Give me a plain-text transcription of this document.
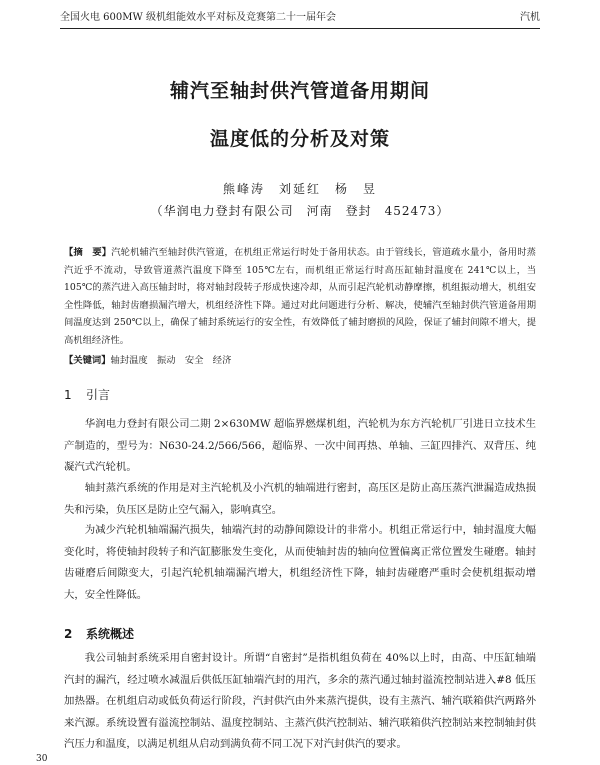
全国火电 600MW 级机组能效水平对标及竞赛第二十一届年会	汽机
辅汽至轴封供汽管道备用期间
温度低的分析及对策
熊峰涛　刘延红　杨　昱
（华润电力登封有限公司　河南　登封　452473）
【摘　要】汽轮机辅汽至轴封供汽管道，在机组正常运行时处于备用状态。由于管线长，管道疏水量小，备用时蒸汽近乎不流动，导致管道蒸汽温度下降至 105℃左右，而机组正常运行时高压缸轴封温度在 241℃以上，当 105℃的蒸汽进入高压轴封时，将对轴封段转子形成快速冷却，从而引起汽轮机动静摩擦，机组振动增大，机组安全性降低，轴封齿磨损漏汽增大，机组经济性下降。通过对此问题进行分析、解决，使辅汽至轴封供汽管道备用期间温度达到 250℃以上，确保了辅封系统运行的安全性，有效降低了辅封磨损的风险，保证了辅封间隙不增大，提高机组经济性。
【关键词】轴封温度　振动　安全　经济
1 引言

华润电力登封有限公司二期 2×630MW 超临界燃煤机组，汽轮机为东方汽轮机厂引进日立技术生产制造的，型号为：N630-24.2/566/566，超临界、一次中间再热、单轴、三缸四排汽、双背压、纯凝汽式汽轮机。

轴封蒸汽系统的作用是对主汽轮机及小汽机的轴端进行密封，高压区是防止高压蒸汽泄漏造成热损失和污染，负压区是防止空气漏入，影响真空。

为减少汽轮机轴端漏汽损失，轴端汽封的动静间隙设计的非常小。机组正常运行中，轴封温度大幅变化时，将使轴封段转子和汽缸膨胀发生变化，从而使轴封齿的轴向位置偏离正常位置发生碰磨。轴封齿碰磨后间隙变大，引起汽轮机轴端漏汽增大，机组经济性下降，轴封齿碰磨严重时会使机组振动增大，安全性降低。

2 系统概述

我公司轴封系统采用自密封设计。所谓“自密封”是指机组负荷在 40%以上时，由高、中压缸轴端汽封的漏汽，经过喷水减温后供低压缸轴端汽封的用汽，多余的蒸汽通过轴封溢流控制站进入#8 低压加热器。在机组启动或低负荷运行阶段，汽封供汽由外来蒸汽提供，设有主蒸汽、辅汽联箱供汽两路外来汽源。系统设置有溢流控制站、温度控制站、主蒸汽供汽控制站、辅汽联箱供汽控制站来控制轴封供汽压力和温度，以满足机组从启动到满负荷不同工况下对汽封供汽的要求。

30
